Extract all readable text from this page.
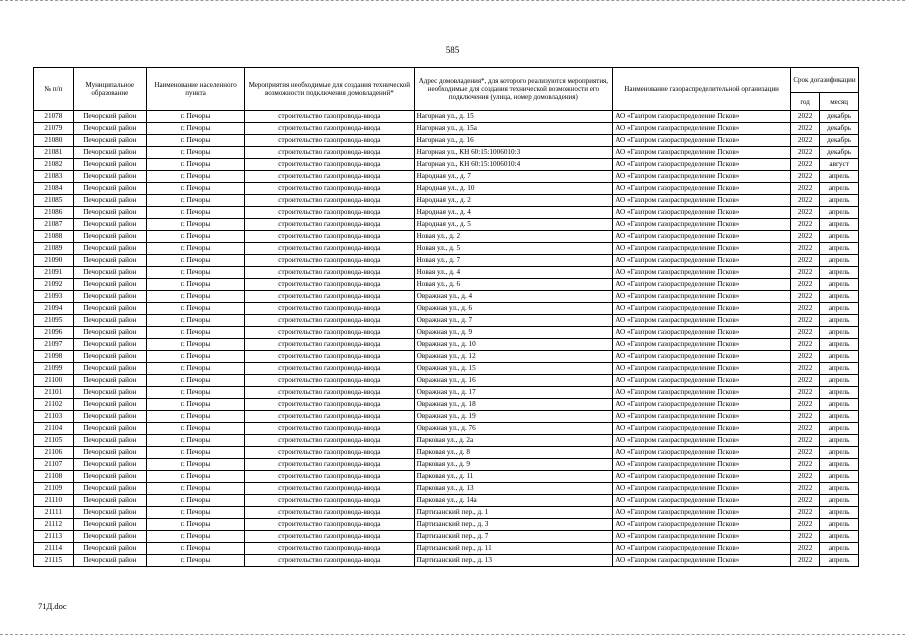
585
№ п/п	Муниципальное образование	Наименование населенного пункта	Мероприятия необходимые для создания технической возможности подключения домовладений*	Адрес домовладения*, для которого реализуются мероприятия, необходимые для создания технической возможности его подключения (улица, номер домовладения)	Наименование газораспределительной организации	Срок догазификации	
						год	месяц
21078	Печорский район	г. Печоры	строительство газопровода-ввода	Нагорная ул., д. 15	АО «Газпром газораспределение Псков»	2022	декабрь
21079	Печорский район	г. Печоры	строительство газопровода-ввода	Нагорная ул., д. 15а	АО «Газпром газораспределение Псков»	2022	декабрь
21080	Печорский район	г. Печоры	строительство газопровода-ввода	Нагорная ул., д. 16	АО «Газпром газораспределение Псков»	2022	декабрь
21081	Печорский район	г. Печоры	строительство газопровода-ввода	Нагорная ул., КН 60:15:1006010:3	АО «Газпром газораспределение Псков»	2022	декабрь
21082	Печорский район	г. Печоры	строительство газопровода-ввода	Нагорная ул., КН 60:15:1006010:4	АО «Газпром газораспределение Псков»	2022	август
21083	Печорский район	г. Печоры	строительство газопровода-ввода	Народная ул., д. 7	АО «Газпром газораспределение Псков»	2022	апрель
21084	Печорский район	г. Печоры	строительство газопровода-ввода	Народная ул., д. 10	АО «Газпром газораспределение Псков»	2022	апрель
21085	Печорский район	г. Печоры	строительство газопровода-ввода	Народная ул., д. 2	АО «Газпром газораспределение Псков»	2022	апрель
21086	Печорский район	г. Печоры	строительство газопровода-ввода	Народная ул., д. 4	АО «Газпром газораспределение Псков»	2022	апрель
21087	Печорский район	г. Печоры	строительство газопровода-ввода	Народная ул., д. 5	АО «Газпром газораспределение Псков»	2022	апрель
21088	Печорский район	г. Печоры	строительство газопровода-ввода	Новая ул., д. 2	АО «Газпром газораспределение Псков»	2022	апрель
21089	Печорский район	г. Печоры	строительство газопровода-ввода	Новая ул., д. 5	АО «Газпром газораспределение Псков»	2022	апрель
21090	Печорский район	г. Печоры	строительство газопровода-ввода	Новая ул., д. 7	АО «Газпром газораспределение Псков»	2022	апрель
21091	Печорский район	г. Печоры	строительство газопровода-ввода	Новая ул., д. 4	АО «Газпром газораспределение Псков»	2022	апрель
21092	Печорский район	г. Печоры	строительство газопровода-ввода	Новая ул., д. 6	АО «Газпром газораспределение Псков»	2022	апрель
21093	Печорский район	г. Печоры	строительство газопровода-ввода	Овражная ул., д. 4	АО «Газпром газораспределение Псков»	2022	апрель
21094	Печорский район	г. Печоры	строительство газопровода-ввода	Овражная ул., д. 6	АО «Газпром газораспределение Псков»	2022	апрель
21095	Печорский район	г. Печоры	строительство газопровода-ввода	Овражная ул., д. 7	АО «Газпром газораспределение Псков»	2022	апрель
21096	Печорский район	г. Печоры	строительство газопровода-ввода	Овражная ул., д. 9	АО «Газпром газораспределение Псков»	2022	апрель
21097	Печорский район	г. Печоры	строительство газопровода-ввода	Овражная ул., д. 10	АО «Газпром газораспределение Псков»	2022	апрель
21098	Печорский район	г. Печоры	строительство газопровода-ввода	Овражная ул., д. 12	АО «Газпром газораспределение Псков»	2022	апрель
21099	Печорский район	г. Печоры	строительство газопровода-ввода	Овражная ул., д. 15	АО «Газпром газораспределение Псков»	2022	апрель
21100	Печорский район	г. Печоры	строительство газопровода-ввода	Овражная ул., д. 16	АО «Газпром газораспределение Псков»	2022	апрель
21101	Печорский район	г. Печоры	строительство газопровода-ввода	Овражная ул., д. 17	АО «Газпром газораспределение Псков»	2022	апрель
21102	Печорский район	г. Печоры	строительство газопровода-ввода	Овражная ул., д. 18	АО «Газпром газораспределение Псков»	2022	апрель
21103	Печорский район	г. Печоры	строительство газопровода-ввода	Овражная ул., д. 19	АО «Газпром газораспределение Псков»	2022	апрель
21104	Печорский район	г. Печоры	строительство газопровода-ввода	Овражная ул., д. 76	АО «Газпром газораспределение Псков»	2022	апрель
21105	Печорский район	г. Печоры	строительство газопровода-ввода	Парковая ул., д. 2а	АО «Газпром газораспределение Псков»	2022	апрель
21106	Печорский район	г. Печоры	строительство газопровода-ввода	Парковая ул., д. 8	АО «Газпром газораспределение Псков»	2022	апрель
21107	Печорский район	г. Печоры	строительство газопровода-ввода	Парковая ул., д. 9	АО «Газпром газораспределение Псков»	2022	апрель
21108	Печорский район	г. Печоры	строительство газопровода-ввода	Парковая ул., д. 11	АО «Газпром газораспределение Псков»	2022	апрель
21109	Печорский район	г. Печоры	строительство газопровода-ввода	Парковая ул., д. 13	АО «Газпром газораспределение Псков»	2022	апрель
21110	Печорский район	г. Печоры	строительство газопровода-ввода	Парковая ул., д. 14а	АО «Газпром газораспределение Псков»	2022	апрель
21111	Печорский район	г. Печоры	строительство газопровода-ввода	Партизанский пер., д. 1	АО «Газпром газораспределение Псков»	2022	апрель
21112	Печорский район	г. Печоры	строительство газопровода-ввода	Партизанский пер., д. 3	АО «Газпром газораспределение Псков»	2022	апрель
21113	Печорский район	г. Печоры	строительство газопровода-ввода	Партизанский пер., д. 7	АО «Газпром газораспределение Псков»	2022	апрель
21114	Печорский район	г. Печоры	строительство газопровода-ввода	Партизанский пер., д. 11	АО «Газпром газораспределение Псков»	2022	апрель
21115	Печорский район	г. Печоры	строительство газопровода-ввода	Партизанский пер., д. 13	АО «Газпром газораспределение Псков»	2022	апрель
71Д.doc
